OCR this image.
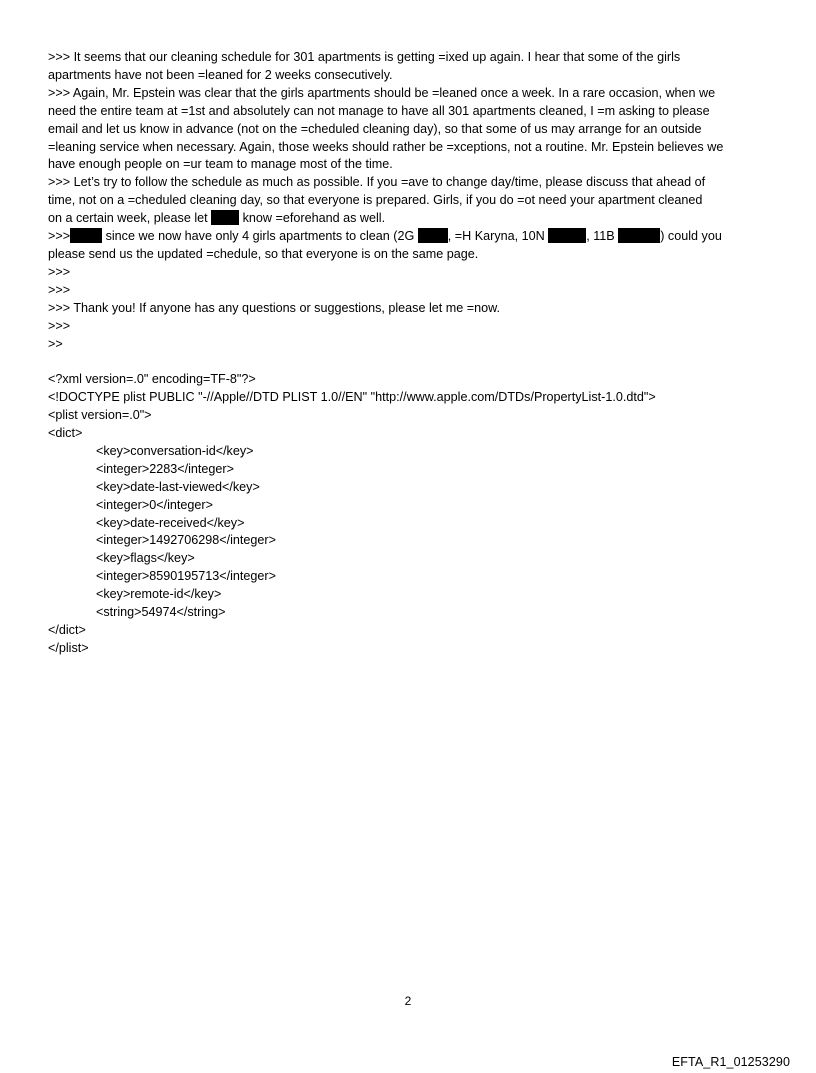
>>> It seems that our cleaning schedule for 301 apartments is getting =ixed up again. I hear that some of the girls
apartments have not been =leaned for 2 weeks consecutively.
>>> Again, Mr. Epstein was clear that the girls apartments should be =leaned once a week. In a rare occasion, when we
need the entire team at =1st and absolutely can not manage to have all 301 apartments cleaned, I =m asking to please
email and let us know in advance (not on the =cheduled cleaning day), so that some of us may arrange for an outside
=leaning service when necessary. Again, those weeks should rather be =xceptions, not a routine. Mr. Epstein believes we
have enough people on =ur team to manage most of the time.
>>> Let’s try to follow the schedule as much as possible. If you =ave to change day/time, please discuss that ahead of
time, not on a =cheduled cleaning day, so that everyone is prepared. Girls, if you do =ot need your apartment cleaned
on a certain week, please let  know =eforehand as well.
>>>	since we now have only 4 girls apartments to clean (2G , =H Karyna, 10N	, 11B	) could you
please send us the updated =chedule, so that everyone is on the same page.
>>>
>>>
>>> Thank you! If anyone has any questions or suggestions, please let me =now.
>>>
>>
<?xml version=.0" encoding=TF-8"?>
<!DOCTYPE plist PUBLIC "-//Apple//DTD PLIST 1.0//EN" "http://www.apple.com/DTDs/PropertyList-1.0.dtd">
<plist version=.0">
<dict>
<key>conversation-id</key>
<integer>2283</integer>
<key>date-last-viewed</key>
<integer>0</integer>
<key>date-received</key>
<integer>1492706298</integer>
<key>flags</key>
<integer>8590195713</integer>
<key>remote-id</key>
<string>54974</string>
</dict>
</plist>
2
EFTA_R1_01253290
